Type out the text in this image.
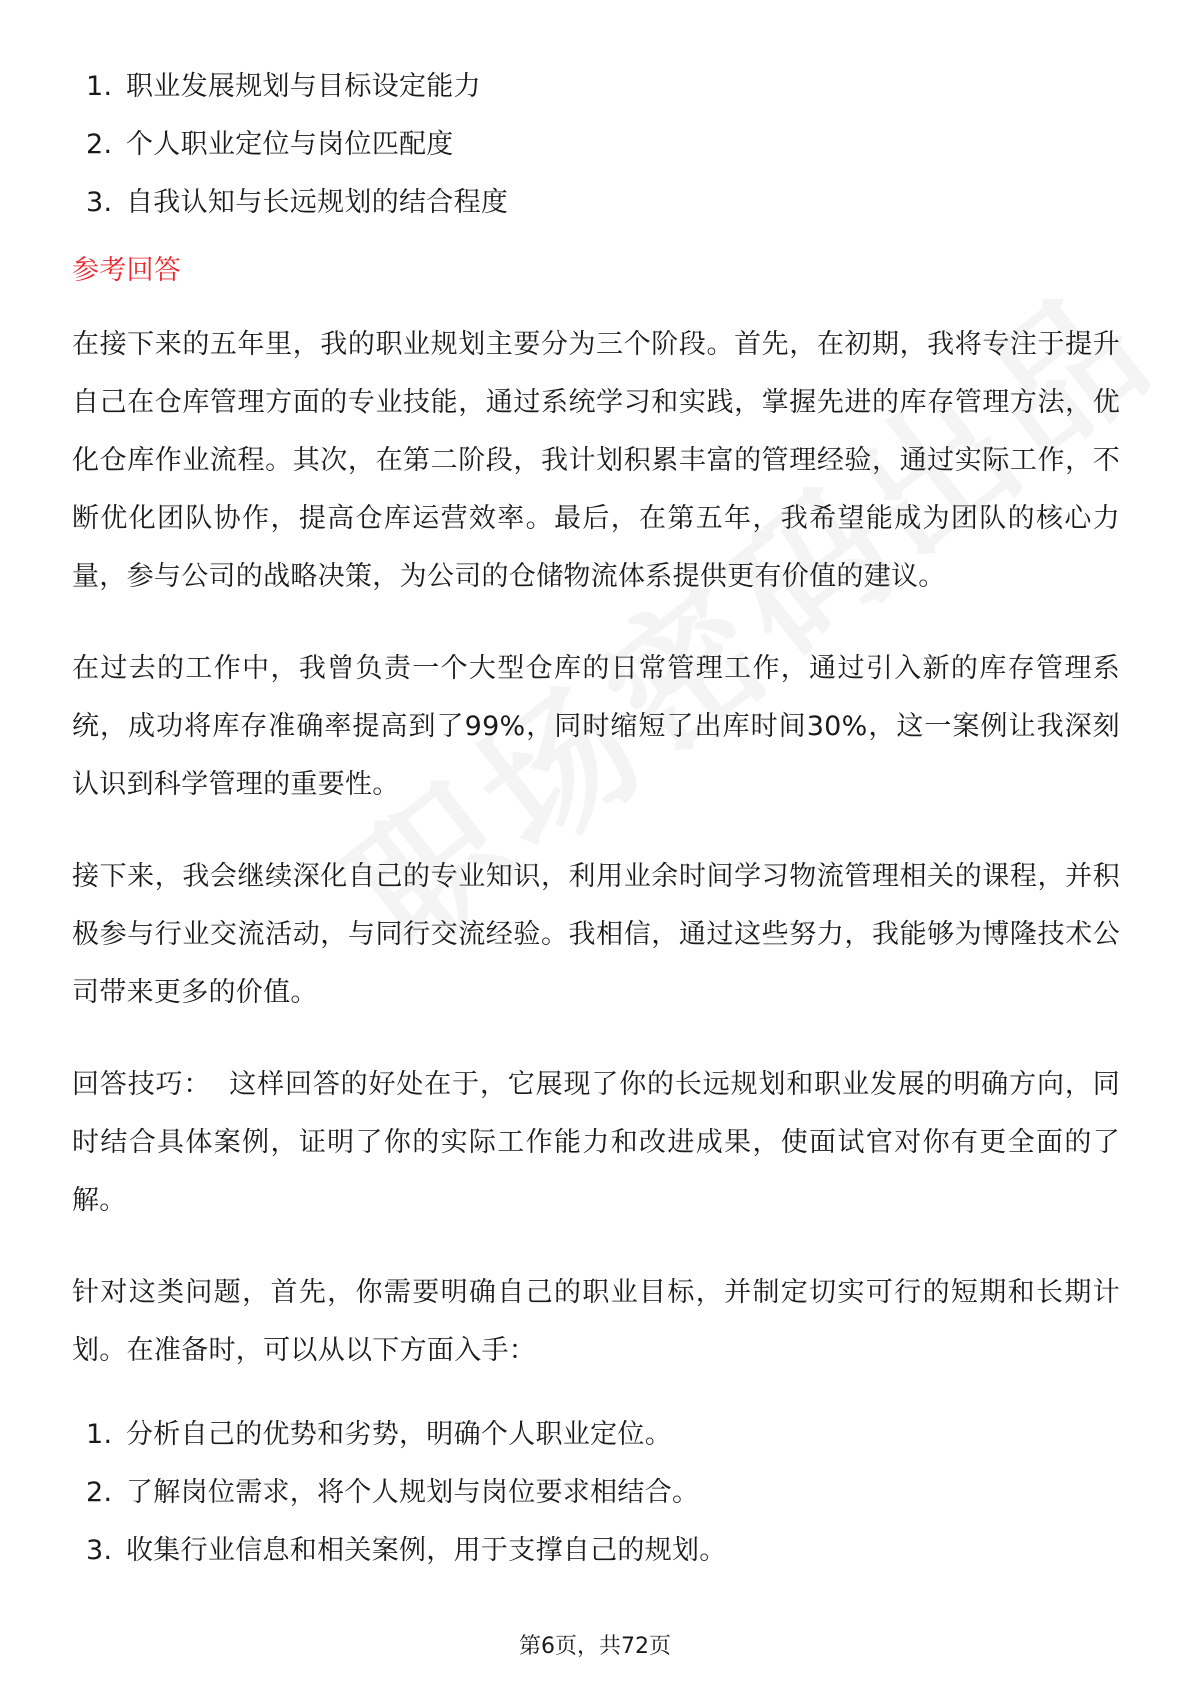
1. 职业发展规划与目标设定能力
2. 个人职业定位与岗位匹配度
3. 自我认知与长远规划的结合程度
参考回答

在接下来的五年里，我的职业规划主要分为三个阶段。首先，在初期，我将专注于提升自己在仓库管理方面的专业技能，通过系统学习和实践，掌握先进的库存管理方法，优化仓库作业流程。其次，在第二阶段，我计划积累丰富的管理经验，通过实际工作，不断优化团队协作，提高仓库运营效率。最后，在第五年，我希望能成为团队的核心力量，参与公司的战略决策，为公司的仓储物流体系提供更有价值的建议。

在过去的工作中，我曾负责一个大型仓库的日常管理工作，通过引入新的库存管理系统，成功将库存准确率提高到了99%，同时缩短了出库时间30%，这一案例让我深刻认识到科学管理的重要性。

接下来，我会继续深化自己的专业知识，利用业余时间学习物流管理相关的课程，并积极参与行业交流活动，与同行交流经验。我相信，通过这些努力，我能够为博隆技术公司带来更多的价值。

回答技巧： 这样回答的好处在于，它展现了你的长远规划和职业发展的明确方向，同时结合具体案例，证明了你的实际工作能力和改进成果，使面试官对你有更全面的了解。

针对这类问题，首先，你需要明确自己的职业目标，并制定切实可行的短期和长期计划。在准备时，可以从以下方面入手：

1. 分析自己的优势和劣势，明确个人职业定位。
2. 了解岗位需求，将个人规划与岗位要求相结合。
3. 收集行业信息和相关案例，用于支撑自己的规划。
第6页，共72页
